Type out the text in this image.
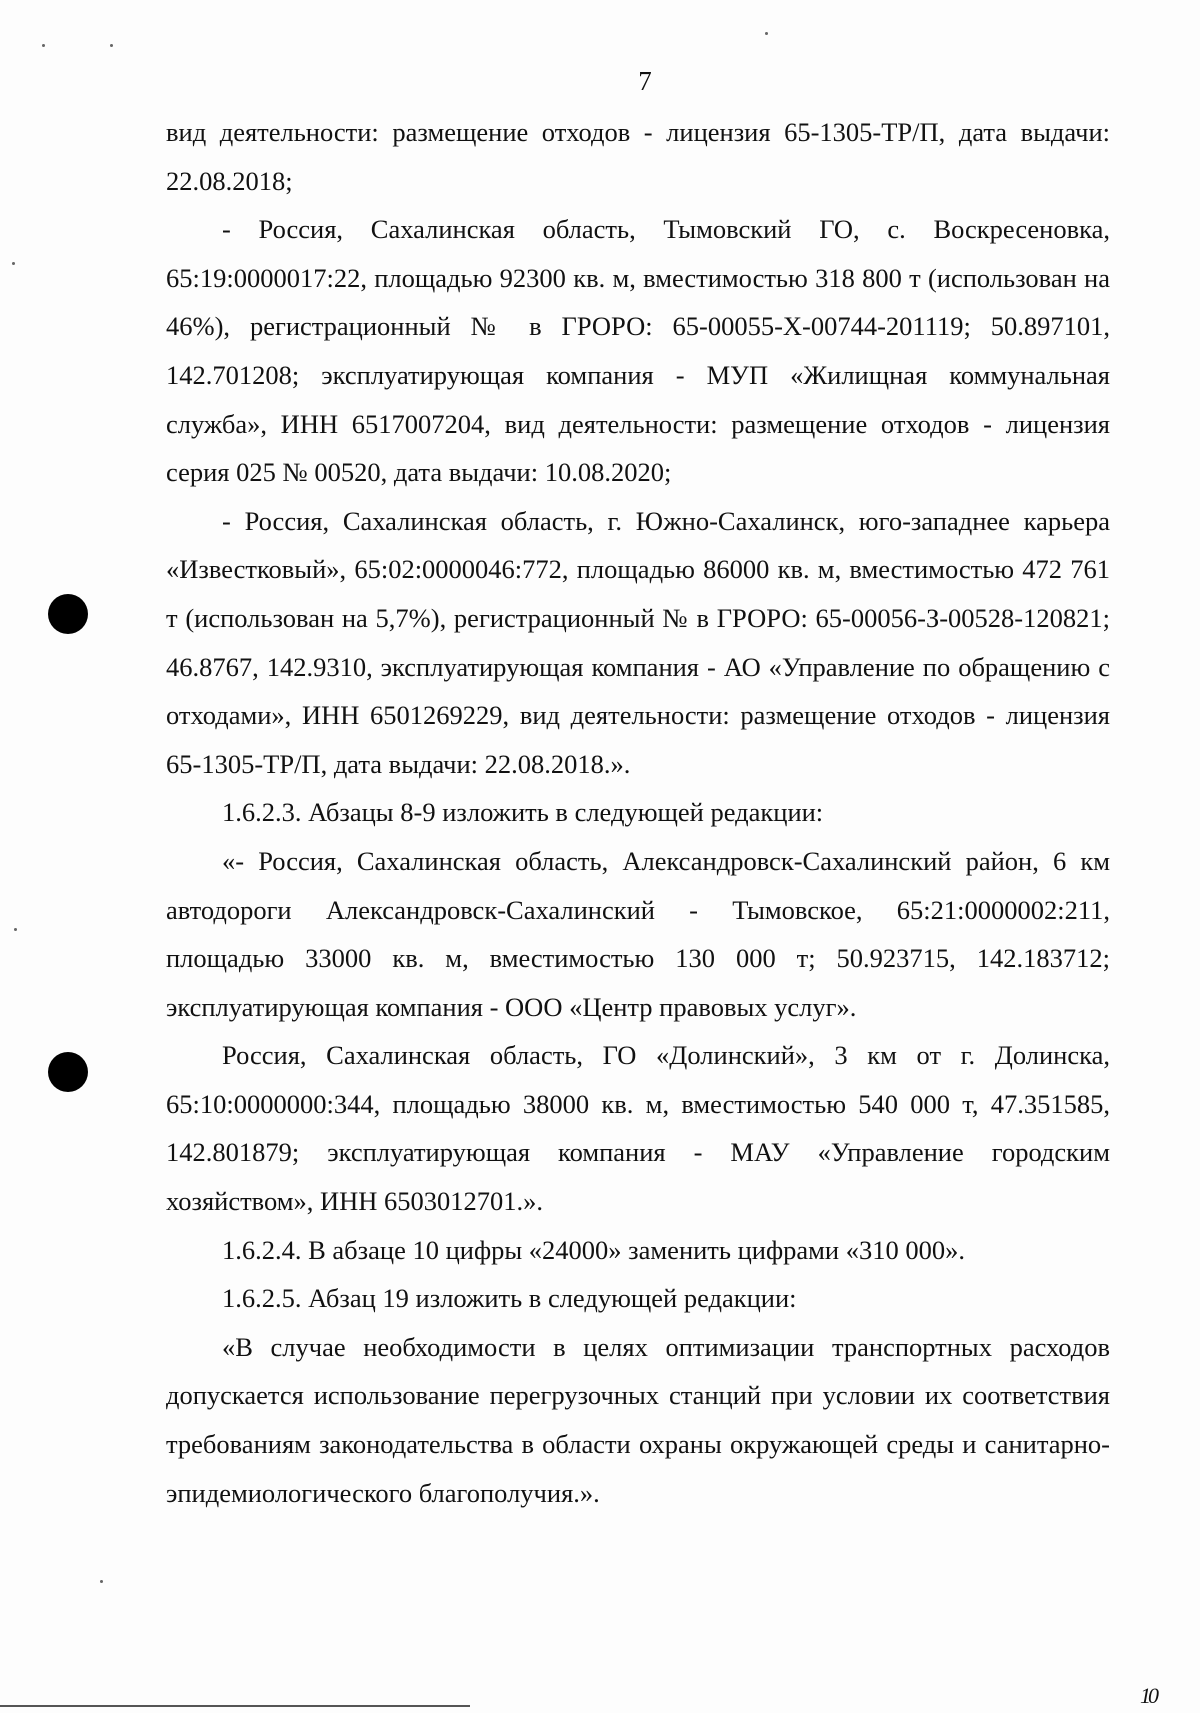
7

вид деятельности: размещение отходов - лицензия 65-1305-ТР/П, дата выдачи: 22.08.2018;

- Россия, Сахалинская область, Тымовский ГО, с. Воскресеновка, 65:19:0000017:22, площадью 92300 кв. м, вместимостью 318 800 т (использован на 46%), регистрационный № в ГРОРО: 65-00055-Х-00744-201119; 50.897101, 142.701208; эксплуатирующая компания - МУП «Жилищная коммунальная служба», ИНН 6517007204, вид деятельности: размещение отходов - лицензия серия 025 № 00520, дата выдачи: 10.08.2020;

- Россия, Сахалинская область, г. Южно-Сахалинск, юго-западнее карьера «Известковый», 65:02:0000046:772, площадью 86000 кв. м, вместимостью 472 761 т (использован на 5,7%), регистрационный № в ГРОРО: 65-00056-З-00528-120821; 46.8767, 142.9310, эксплуатирующая компания - АО «Управление по обращению с отходами», ИНН 6501269229, вид деятельности: размещение отходов - лицензия 65-1305-ТР/П, дата выдачи: 22.08.2018.».

1.6.2.3. Абзацы 8-9 изложить в следующей редакции:

«- Россия, Сахалинская область, Александровск-Сахалинский район, 6 км автодороги Александровск-Сахалинский - Тымовское, 65:21:0000002:211, площадью 33000 кв. м, вместимостью 130 000 т; 50.923715, 142.183712; эксплуатирующая компания - ООО «Центр правовых услуг».

Россия, Сахалинская область, ГО «Долинский», 3 км от г. Долинска, 65:10:0000000:344, площадью 38000 кв. м, вместимостью 540 000 т, 47.351585, 142.801879; эксплуатирующая компания - МАУ «Управление городским хозяйством», ИНН 6503012701.».

1.6.2.4. В абзаце 10 цифры «24000» заменить цифрами «310 000».

1.6.2.5. Абзац 19 изложить в следующей редакции:

«В случае необходимости в целях оптимизации транспортных расходов допускается использование перегрузочных станций при условии их соответствия требованиям законодательства в области охраны окружающей среды и санитарно-эпидемиологического благополучия.».

10
